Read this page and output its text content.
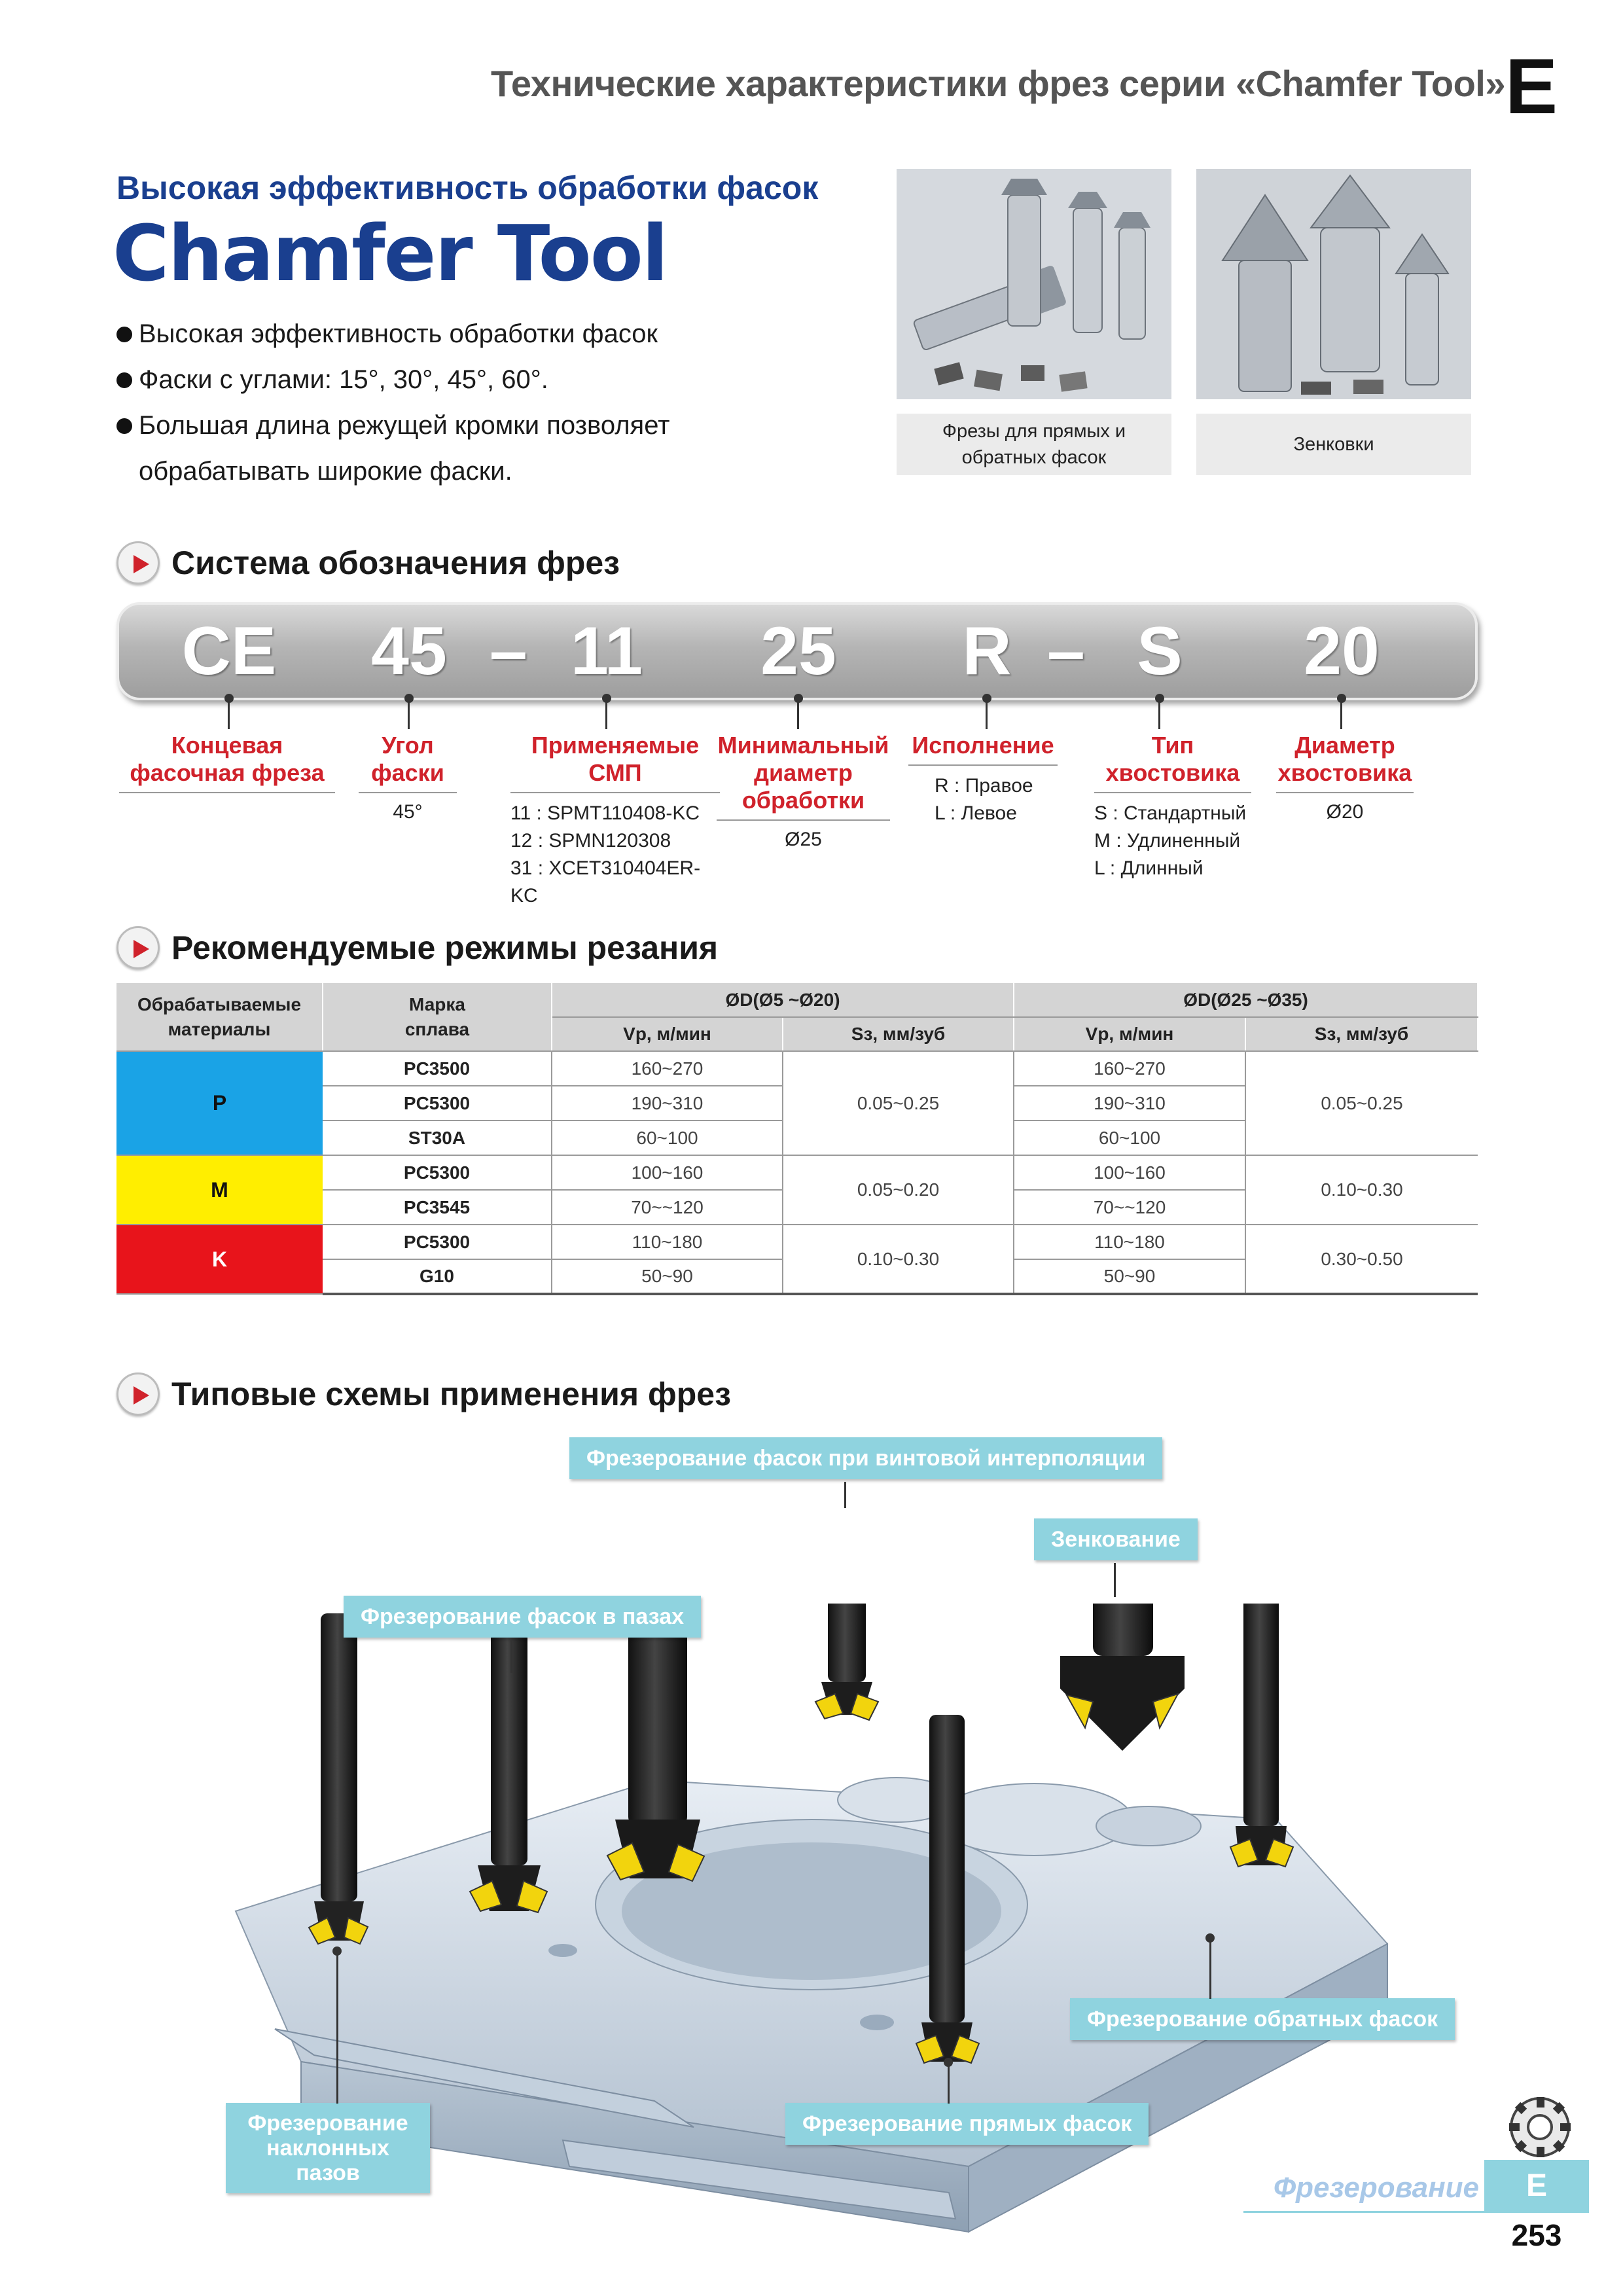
Технические характеристики фрез серии «Chamfer Tool» E
Высокая эффективность обработки фасок
Chamfer Tool
Высокая эффективность обработки фасок
Фаски с углами: 15°, 30°, 45°, 60°.
Большая длина режущей кромки позволяет
обрабатывать широкие фаски.
Фрезы для прямых и обратных фасок
Зенковки
Система обозначения фрез
CE 45 – 11 25 R – S 20
Концевая фасочная фреза
Угол фаски
45°
Применяемые СМП
11 : SPMT110408-KC
12 : SPMN120308
31 : XCET310404ER-KC
Минимальный диаметр обработки
Ø25
Исполнение
R : Правое
L : Левое
Тип хвостовика
S : Стандартный
M : Удлиненный
L : Длинный
Диаметр хвостовика
Ø20
Рекомендуемые режимы резания
Обрабатываемые материалы	Марка сплава	ØD(Ø5 ~Ø20)		ØD(Ø25 ~Ø35)	
		Vp, м/мин	Sз, мм/зуб	Vp, м/мин	Sз, мм/зуб
P	PC3500	160~270	0.05~0.25	160~270	0.05~0.25
	PC5300	190~310		190~310	
	ST30A	60~100		60~100	
M	PC5300	100~160	0.05~0.20	100~160	0.10~0.30
	PC3545	70~~120		70~~120	
K	PC5300	110~180	0.10~0.30	110~180	0.30~0.50
	G10	50~90		50~90	
Типовые схемы применения фрез
Фрезерование фасок при винтовой интерполяции
Зенкование
Фрезерование фасок в пазах
Фрезерование обратных фасок
Фрезерование наклонных пазов
Фрезерование прямых фасок
Фрезерование	E
253
